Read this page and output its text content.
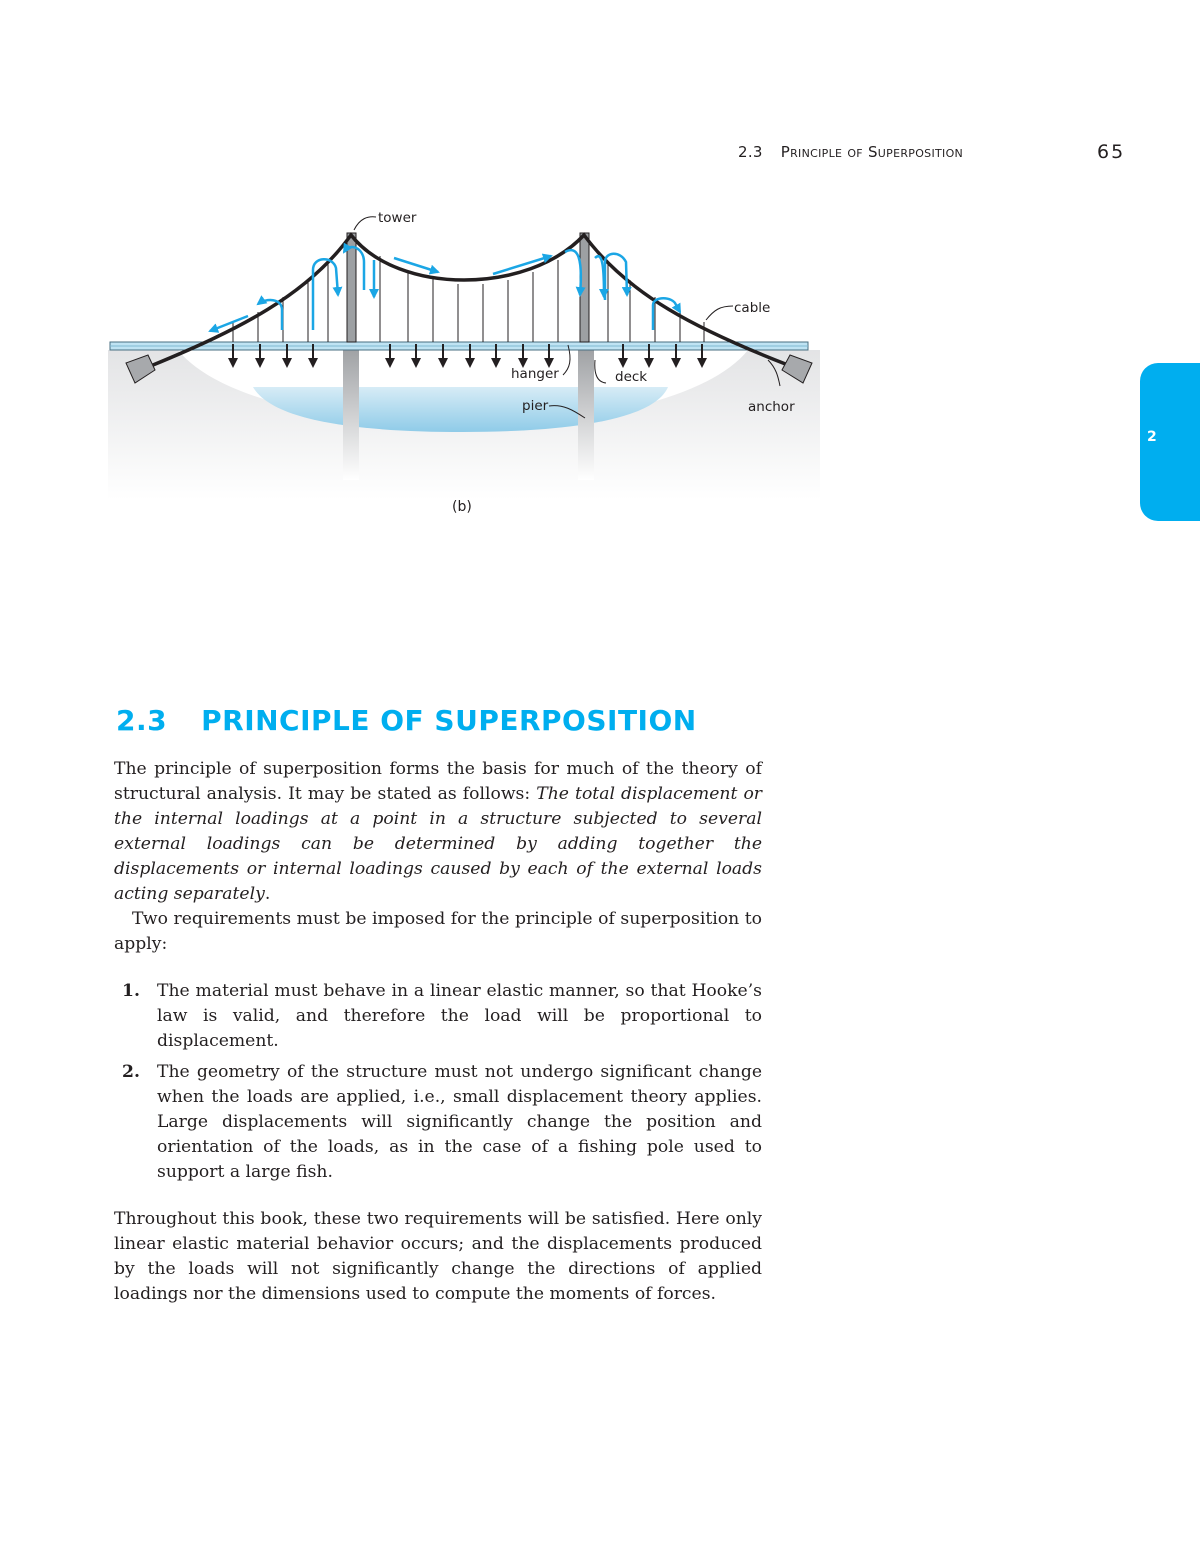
2.3 Principle of Superposition	65
2
tower
cable
hanger	deck
pier	anchor
(b)
2.3 PRINCIPLE OF SUPERPOSITION

The principle of superposition forms the basis for much of the theory of structural analysis. It may be stated as follows: The total displacement or the internal loadings at a point in a structure subjected to several external loadings can be determined by adding together the displacements or internal loadings caused by each of the external loads acting separately.

Two requirements must be imposed for the principle of superposition to apply:

1. The material must behave in a linear elastic manner, so that Hooke’s law is valid, and therefore the load will be proportional to displacement.
2. The geometry of the structure must not undergo significant change when the loads are applied, i.e., small displacement theory applies. Large displacements will significantly change the position and orientation of the loads, as in the case of a fishing pole used to support a large fish.

Throughout this book, these two requirements will be satisfied. Here only linear elastic material behavior occurs; and the displacements produced by the loads will not significantly change the directions of applied loadings nor the dimensions used to compute the moments of forces.
